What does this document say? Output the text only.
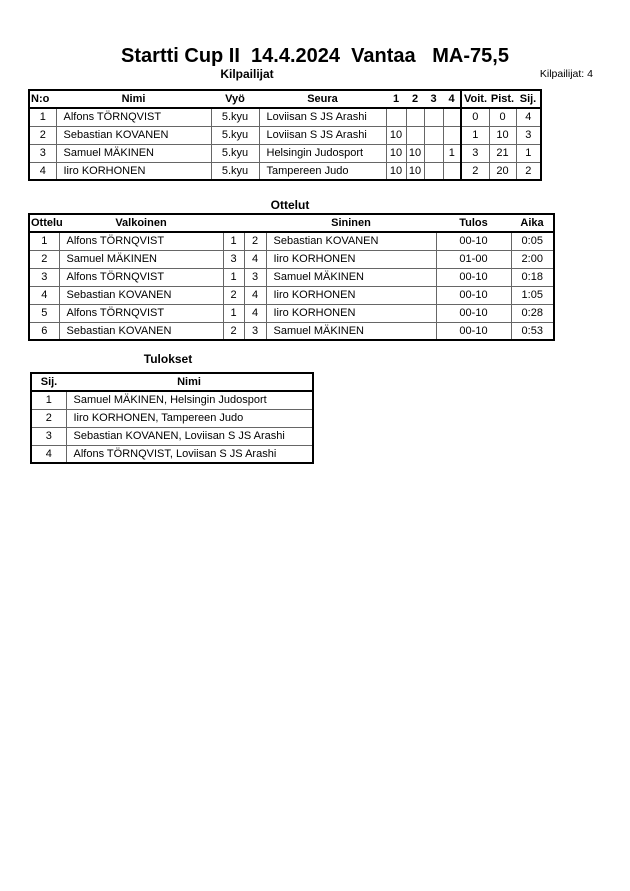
Startti Cup II  14.4.2024  Vantaa   MA-75,5
Kilpailijat	Kilpailijat: 4
N:o	Nimi	Vyö	Seura	1	2	3	4	Voit.	Pist.	Sij.
1	Alfons TÖRNQVIST	5.kyu	Loviisan S JS Arashi					0	0	4
2	Sebastian KOVANEN	5.kyu	Loviisan S JS Arashi	10				1	10	3
3	Samuel MÄKINEN	5.kyu	Helsingin Judosport	10	10		1	3	21	1
4	Iiro KORHONEN	5.kyu	Tampereen Judo	10	10			2	20	2
Ottelut
Ottelu	Valkoinen			Sininen	Tulos	Aika
1	Alfons TÖRNQVIST	1	2	Sebastian KOVANEN	00-10	0:05
2	Samuel MÄKINEN	3	4	Iiro KORHONEN	01-00	2:00
3	Alfons TÖRNQVIST	1	3	Samuel MÄKINEN	00-10	0:18
4	Sebastian KOVANEN	2	4	Iiro KORHONEN	00-10	1:05
5	Alfons TÖRNQVIST	1	4	Iiro KORHONEN	00-10	0:28
6	Sebastian KOVANEN	2	3	Samuel MÄKINEN	00-10	0:53
Tulokset
Sij.	Nimi
1	Samuel MÄKINEN, Helsingin Judosport
2	Iiro KORHONEN, Tampereen Judo
3	Sebastian KOVANEN, Loviisan S JS Arashi
4	Alfons TÖRNQVIST, Loviisan S JS Arashi
